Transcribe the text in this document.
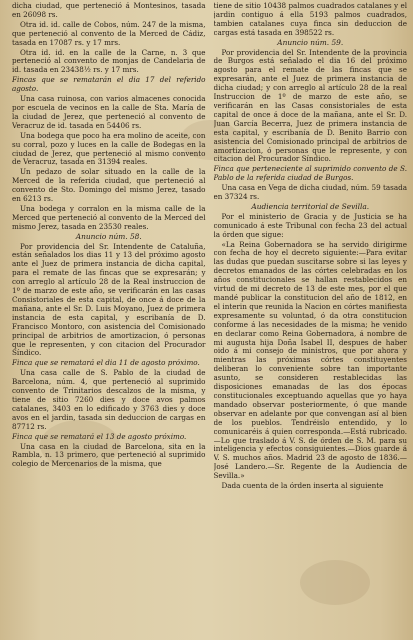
dicha ciudad, que perteneció á Montesinos, tasada en 26098 rs.

Otra id. id. calle de Cobos, núm. 247 de la misma, que perteneció al convento de la Merced de Cádiz, tasada en 17087 rs. y 17 mrs.

Otra id. id. en la calle de la Carne, n. 3 que perteneció al convento de monjas de Candelaria de id. tasada en 23438½ rs. y 17 mrs.

Fincas que se rematarán el dia 17 del referido agosto.

Una casa ruinosa, con varios almacenes conocida por escuela de vecinos en la calle de Sta. María de la ciudad de Jerez, que perteneció al convento de Veracruz de id. tasada en 54406 rs.

Una bodega que poco ha era molino de aceite, con su corral, pozo y luces en la calle de Bodegas en la ciudad de Jerez, que perteneció al mismo convento de Veracruz, tasada en 31394 reales.

Un pedazo de solar situado en la calle de la Merced de la referida ciudad, que perteneció al convento de Sto. Domingo del mismo Jerez, tasado en 6213 rs.

Una bodega y corralon en la misma calle de la Merced que perteneció al convento de la Merced del mismo Jerez, tasada en 23530 reales.

Anuncio núm. 58.

Por providencia del Sr. Intendente de Cataluña, están señalados los dias 11 y 13 del próximo agosto ante el Juez de primera instancia de dicha capital, para el remate de las fincas que se expresarán; y con arreglo al artículo 28 de la Real instruccion de 1º de marzo de este año, se verificarán en las casas Consistoriales de esta capital, de once á doce de la mañana, ante el Sr. D. Luis Moyano, Juez de primera instancia de esta capital, y escribanía de D. Francisco Montoro, con asistencia del Comisionado principal de arbitrios de amortizacion, ó personas que le representen, y con citacion del Procurador Síndico.

Finca que se rematará el dia 11 de agosto próximo.

Una casa calle de S. Pablo de la ciudad de Barcelona, núm. 4, que perteneció al suprimido convento de Trinitarios descalzos de la misma, y tiene de sitio 7260 dies y doce avos palmos catalanes, 3403 en lo edificado y 3763 dies y doce avos en el jardin, tasada sin deduccion de cargas en 87712 rs.

Finca que se rematará el 13 de agosto próximo.

Una casa en la ciudad de Barcelona, sita en la Rambla, n. 13 primero, que perteneció al suprimido colegio de Mercenarios de la misma, que

tiene de sitio 10438 palmos cuadrados catalanes y el jardin contiguo á ella 5193 palmos cuadrados, tambien catalanes cuya finca sin deduccion de cargas está tasada en 398522 rs.

Anuncio núm. 59.

Por providencia del Sr. Intendente de la provincia de Burgos está señalado el dia 16 del próximo agosto para el remate de las fincas que se expresarán, ante el Juez de primera instancia de dicha ciudad; y con arreglo al artículo 28 de la real Instruccion de 1º de marzo de este año, se verificarán en las Casas consistoriales de esta capital de once á doce de la mañana, ante el Sr. D. Juan García Becerra, Juez de primera instancia de esta capital, y escribanía de D. Benito Barrio con asistencia del Comisionado principal de arbitrios de amortizacion, ó personas que le represente, y con citacion del Procurador Síndico.

Finca que perteneciente al suprimido convento de S. Pablo de la referida ciudad de Burgos.

Una casa en Vega de dicha ciudad, núm. 59 tasada en 37324 rs.

Audiencia territorial de Sevilla.

Por el ministerio de Gracia y de Justicia se ha comunicado á este Tribunal con fecha 23 del actual la órden que sigue:

«La Reina Gobernadora se ha servido dirigirme con fecha de hoy el decreto siguiente:—Para evitar las dudas que puedan suscitarse sobre si las leyes y decretos emanados de las córtes celebradas en los años constitucionales se hallan restablecidos en virtud de mi decreto de 13 de este mes, por el que mandé publicar la constitucion del año de 1812, en el interin que reunida la Nacion en córtes manifiesta expresamente su voluntad, ó da otra constitucion conforme á las necesidades de la misma; he venido en declarar como Reina Gobernadora, á nombre de mi augusta hija Doña Isabel II, despues de haber oido á mi consejo de ministros, que por ahora y mientras las próximas córtes constituyentes deliberan lo conveniente sobre tan importante asunto, se consideren restablecidas las disposiciones emanadas de las dos épocas constitucionales exceptuando aquellas que yo haya mandado observar posteriormente, ó que mande observar en adelante por que convengan así al bien de los pueblos. Tendréislo entendido, y lo comunicaréis á quien corresponda.—Está rubricado.—Lo que traslado á V. S. de órden de S. M. para su inteligencia y efectos consiguientes.—Dios guarde á V. S. muchos años. Madrid 23 de agosto de 1836.—José Landero.—Sr. Regente de la Audiencia de Sevilla.»

Dada cuenta de la órden inserta al siguiente
